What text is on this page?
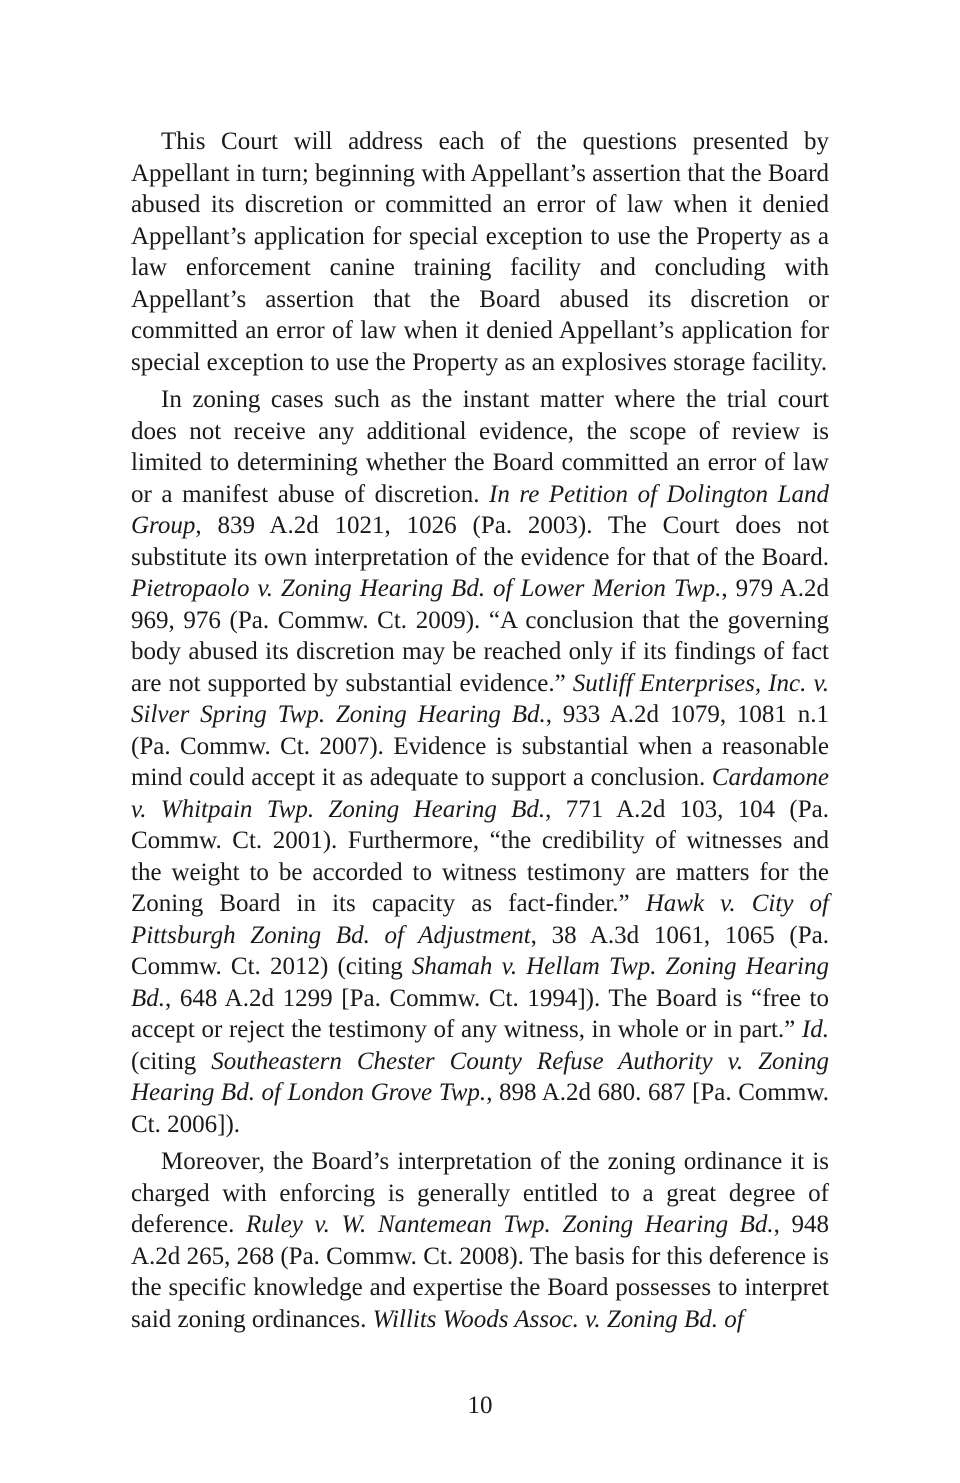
This Court will address each of the questions presented by Appellant in turn; beginning with Appellant’s assertion that the Board abused its discretion or committed an error of law when it denied Appellant’s application for special exception to use the Property as a law enforcement canine training facility and concluding with Appellant’s assertion that the Board abused its discretion or committed an error of law when it denied Appellant’s application for special exception to use the Property as an explosives storage facility.

In zoning cases such as the instant matter where the trial court does not receive any additional evidence, the scope of review is limited to determining whether the Board committed an error of law or a manifest abuse of discretion. In re Petition of Dolington Land Group, 839 A.2d 1021, 1026 (Pa. 2003). The Court does not substitute its own interpretation of the evidence for that of the Board. Pietropaolo v. Zoning Hearing Bd. of Lower Merion Twp., 979 A.2d 969, 976 (Pa. Commw. Ct. 2009). “A conclusion that the governing body abused its discretion may be reached only if its findings of fact are not supported by substantial evidence.” Sutliff Enterprises, Inc. v. Silver Spring Twp. Zoning Hearing Bd., 933 A.2d 1079, 1081 n.1 (Pa. Commw. Ct. 2007). Evidence is substantial when a reasonable mind could accept it as adequate to support a conclusion. Cardamone v. Whitpain Twp. Zoning Hearing Bd., 771 A.2d 103, 104 (Pa. Commw. Ct. 2001). Furthermore, “the credibility of witnesses and the weight to be accorded to witness testimony are matters for the Zoning Board in its capacity as fact-finder.” Hawk v. City of Pittsburgh Zoning Bd. of Adjustment, 38 A.3d 1061, 1065 (Pa. Commw. Ct. 2012) (citing Shamah v. Hellam Twp. Zoning Hearing Bd., 648 A.2d 1299 [Pa. Commw. Ct. 1994]). The Board is “free to accept or reject the testimony of any witness, in whole or in part.” Id. (citing Southeastern Chester County Refuse Authority v. Zoning Hearing Bd. of London Grove Twp., 898 A.2d 680. 687 [Pa. Commw. Ct. 2006]).

Moreover, the Board’s interpretation of the zoning ordinance it is charged with enforcing is generally entitled to a great degree of deference. Ruley v. W. Nantemean Twp. Zoning Hearing Bd., 948 A.2d 265, 268 (Pa. Commw. Ct. 2008). The basis for this deference is the specific knowledge and expertise the Board possesses to interpret said zoning ordinances. Willits Woods Assoc. v. Zoning Bd. of

10
